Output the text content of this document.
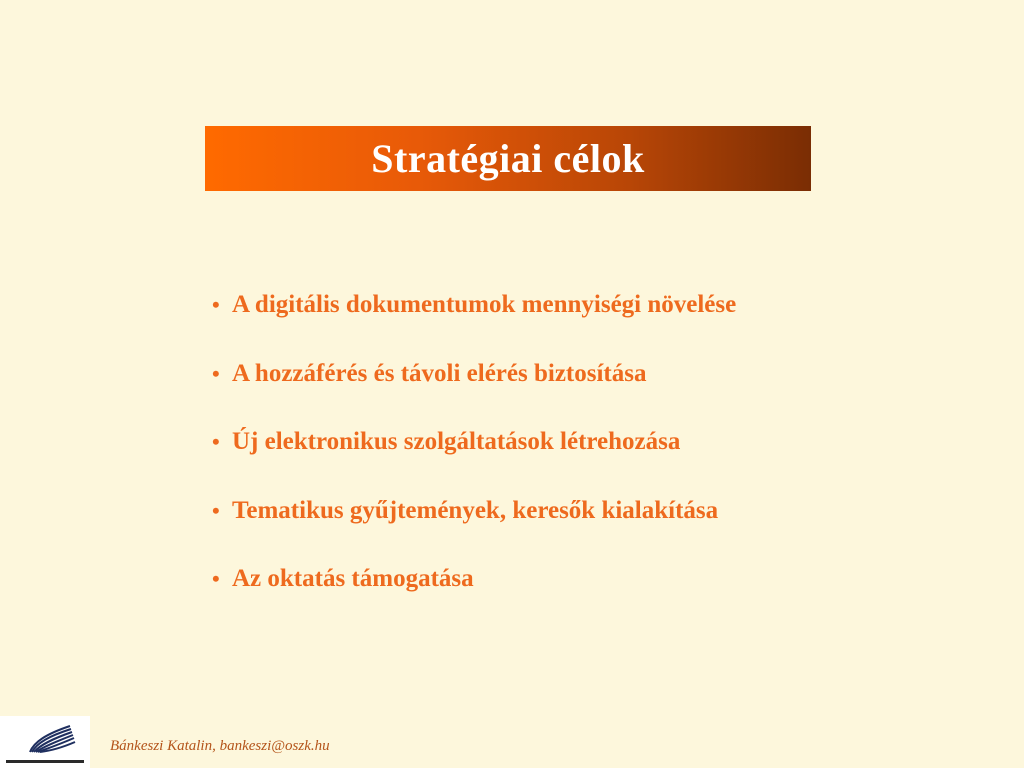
Stratégiai célok
• A digitális dokumentumok mennyiségi növelése
• A hozzáférés és távoli elérés biztosítása
• Új elektronikus szolgáltatások létrehozása
• Tematikus gyűjtemények, keresők kialakítása
• Az oktatás támogatása
Bánkeszi Katalin, bankeszi@oszk.hu
